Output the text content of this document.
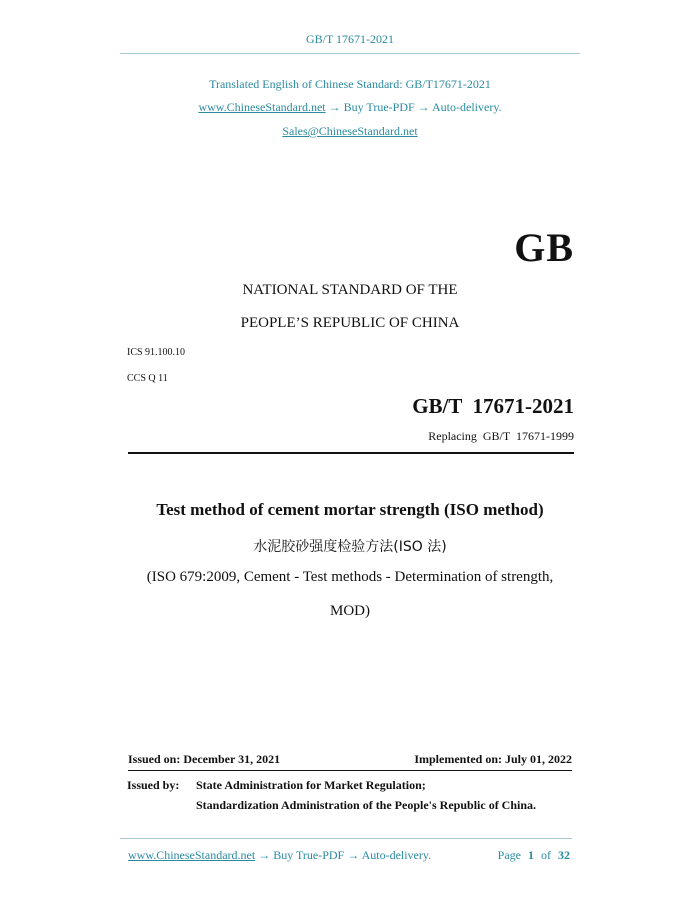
GB/T 17671-2021
Translated English of Chinese Standard: GB/T17671-2021
www.ChineseStandard.net → Buy True-PDF → Auto-delivery.
Sales@ChineseStandard.net
GB
NATIONAL STANDARD OF THE
PEOPLE’S REPUBLIC OF CHINA
ICS 91.100.10
CCS Q 11
GB/T  17671-2021
Replacing  GB/T  17671-1999
Test method of cement mortar strength (ISO method)
水泥胶砂强度检验方法(ISO 法)
(ISO 679:2009, Cement - Test methods - Determination of strength,
MOD)
Issued on: December 31, 2021	Implemented on: July 01, 2022
Issued by: State Administration for Market Regulation;
Standardization Administration of the People's Republic of China.
www.ChineseStandard.net → Buy True-PDF → Auto-delivery.	Page 1 of 32
